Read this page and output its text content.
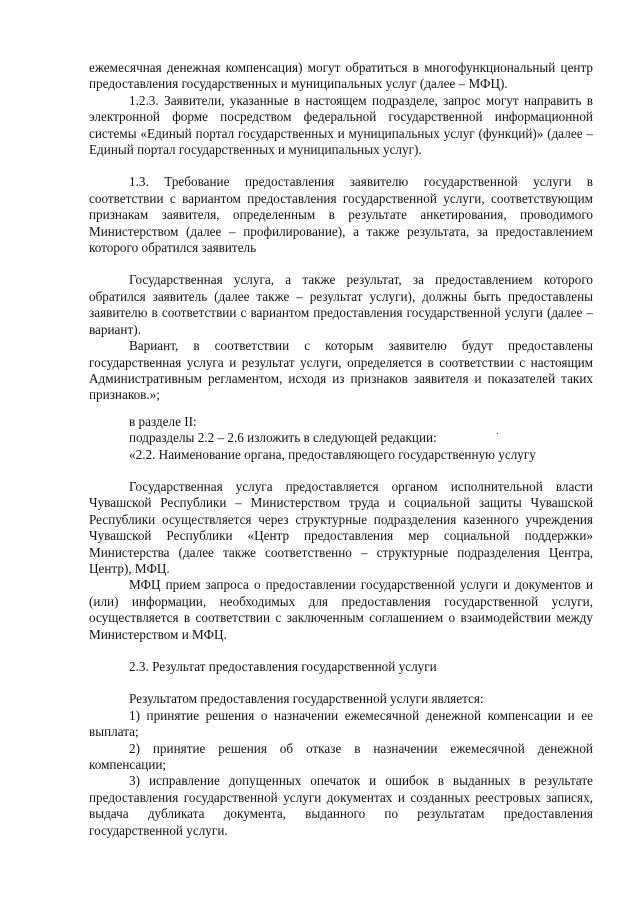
ежемесячная денежная компенсация) могут обратиться в многофункциональный центр предоставления государственных и муниципальных услуг (далее – МФЦ).

1.2.3. Заявители, указанные в настоящем подразделе, запрос могут направить в электронной форме посредством федеральной государственной информационной системы «Единый портал государственных и муниципальных услуг (функций)» (далее – Единый портал государственных и муниципальных услуг).

1.3. Требование предоставления заявителю государственной услуги в соответствии с вариантом предоставления государственной услуги, соответствующим признакам заявителя, определенным в результате анкетирования, проводимого Министерством (далее – профилирование), а также результата, за предоставлением которого обратился заявитель

Государственная услуга, а также результат, за предоставлением которого обратился заявитель (далее также – результат услуги), должны быть предоставлены заявителю в соответствии с вариантом предоставления государственной услуги (далее – вариант).

Вариант, в соответствии с которым заявителю будут предоставлены государственная услуга и результат услуги, определяется в соответствии с настоящим Административным регламентом, исходя из признаков заявителя и показателей таких признаков.»;

в разделе II:

подразделы 2.2 – 2.6 изложить в следующей редакции:

«2.2. Наименование органа, предоставляющего государственную услугу

Государственная услуга предоставляется органом исполнительной власти Чувашской Республики – Министерством труда и социальной защиты Чувашской Республики осуществляется через структурные подразделения казенного учреждения Чувашской Республики «Центр предоставления мер социальной поддержки» Министерства (далее также соответственно – структурные подразделения Центра, Центр), МФЦ.

МФЦ прием запроса о предоставлении государственной услуги и документов и (или) информации, необходимых для предоставления государственной услуги, осуществляется в соответствии с заключенным соглашением о взаимодействии между Министерством и МФЦ.

2.3. Результат предоставления государственной услуги

Результатом предоставления государственной услуги является:

1) принятие решения о назначении ежемесячной денежной компенсации и ее выплата;

2) принятие решения об отказе в назначении ежемесячной денежной компенсации;

3) исправление допущенных опечаток и ошибок в выданных в результате предоставления государственной услуги документах и созданных реестровых записях, выдача дубликата документа, выданного по результатам предоставления государственной услуги.
